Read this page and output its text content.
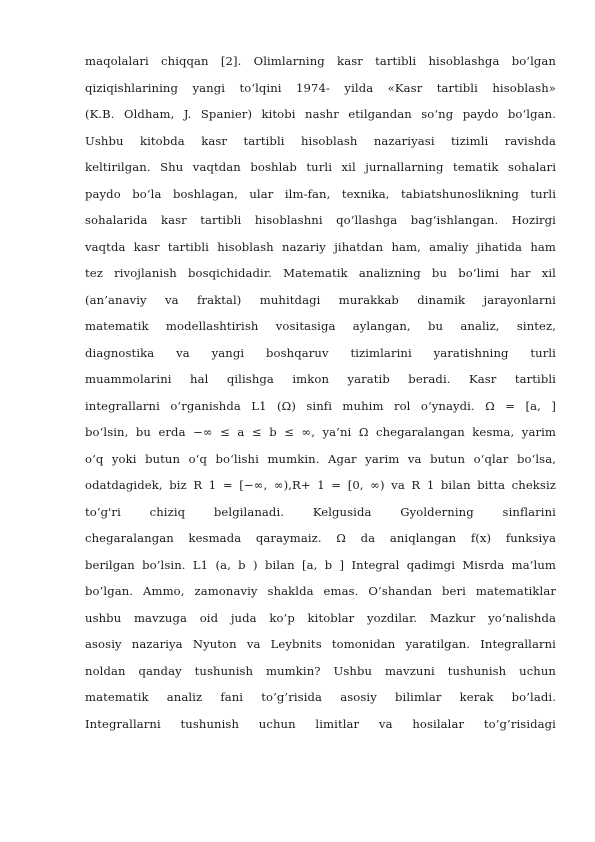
maqolalari chiqqan [2]. Olimlarning kasr tartibli hisoblashga bo‘lgan
qiziqishlarining yangi to‘lqini 1974- yilda «Kasr tartibli hisoblash»
(K.B. Oldham, J. Spanier) kitobi nashr etilgandan so‘ng paydo bo‘lgan.
Ushbu kitobda kasr tartibli hisoblash nazariyasi tizimli ravishda
keltirilgan. Shu vaqtdan boshlab turli xil jurnallarning tematik sohalari
paydo bo‘la boshlagan, ular ilm-fan, texnika, tabiatshunoslikning turli
sohalarida kasr tartibli hisoblashni qo‘llashga bag‘ishlangan. Hozirgi
vaqtda kasr tartibli hisoblash nazariy jihatdan ham, amaliy jihatida ham
tez rivojlanish bosqichidadir. Matematik analizning bu bo‘limi har xil
(an’anaviy va fraktal) muhitdagi murakkab dinamik jarayonlarni
matematik modellashtirish vositasiga aylangan, bu analiz, sintez,
diagnostika va yangi boshqaruv tizimlarini yaratishning turli
muammolarini hal qilishga imkon yaratib beradi. Kasr tartibli
integrallarni o‘rganishda L1 (Ω) sinfi muhim rol o‘ynaydi. Ω = [a, ]
bo‘lsin, bu erda −∞ ≤ a ≤ b ≤ ∞, ya’ni Ω chegaralangan kesma, yarim
o‘q yoki butun o‘q bo‘lishi mumkin. Agar yarim va butun o‘qlar bo‘lsa,
odatdagidek, biz R 1 = [−∞, ∞),R+ 1 = [0, ∞) va R 1 bilan bitta cheksiz
to‘g'ri chiziq belgilanadi. Kelgusida Gyolderning sinflarini
chegaralangan kesmada qaraymaiz. Ω da aniqlangan f(x) funksiya
berilgan bo’lsin. L1 (a, b ) bilan [a, b ] Integral qadimgi Misrda ma’lum
bo’lgan. Ammo, zamonaviy shaklda emas. O’shandan beri matematiklar
ushbu mavzuga oid juda ko’p kitoblar yozdilar. Mazkur yo’nalishda
asosiy nazariya Nyuton va Leybnits tomonidan yaratilgan. Integrallarni
noldan qanday tushunish mumkin? Ushbu mavzuni tushunish uchun
matematik analiz fani to’g’risida asosiy bilimlar kerak bo’ladi.
Integrallarni tushunish uchun limitlar va hosilalar to’g’risidagi
